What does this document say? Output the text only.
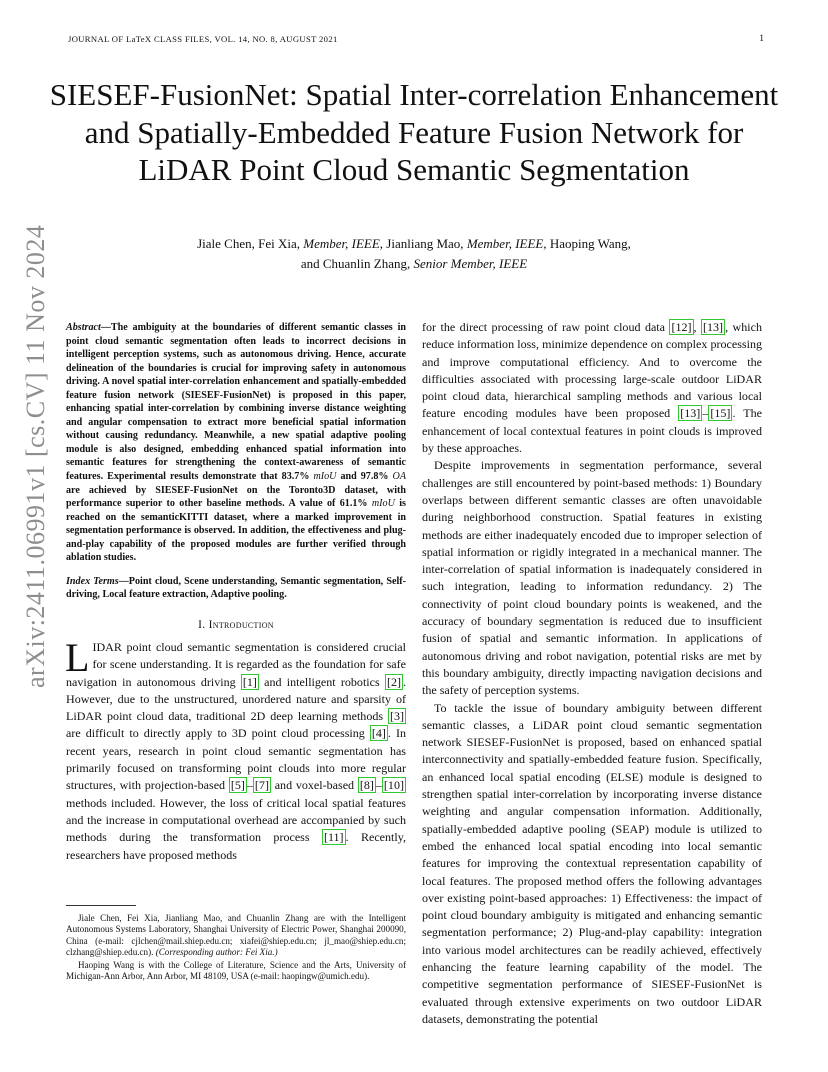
JOURNAL OF LaTeX CLASS FILES, VOL. 14, NO. 8, AUGUST 2021	1
arXiv:2411.06991v1 [cs.CV] 11 Nov 2024
SIESEF-FusionNet: Spatial Inter-correlation Enhancement and Spatially-Embedded Feature Fusion Network for LiDAR Point Cloud Semantic Segmentation
Jiale Chen, Fei Xia, Member, IEEE, Jianliang Mao, Member, IEEE, Haoping Wang,
and Chuanlin Zhang, Senior Member, IEEE
Abstract—The ambiguity at the boundaries of different semantic classes in point cloud semantic segmentation often leads to incorrect decisions in intelligent perception systems, such as autonomous driving. Hence, accurate delineation of the boundaries is crucial for improving safety in autonomous driving. A novel spatial inter-correlation enhancement and spatially-embedded feature fusion network (SIESEF-FusionNet) is proposed in this paper, enhancing spatial inter-correlation by combining inverse distance weighting and angular compensation to extract more beneficial spatial information without causing redundancy. Meanwhile, a new spatial adaptive pooling module is also designed, embedding enhanced spatial information into semantic features for strengthening the context-awareness of semantic features. Experimental results demonstrate that 83.7% mIoU and 97.8% OA are achieved by SIESEF-FusionNet on the Toronto3D dataset, with performance superior to other baseline methods. A value of 61.1% mIoU is reached on the semanticKITTI dataset, where a marked improvement in segmentation performance is observed. In addition, the effectiveness and plug-and-play capability of the proposed modules are further verified through ablation studies.
Index Terms—Point cloud, Scene understanding, Semantic segmentation, Self-driving, Local feature extraction, Adaptive pooling.
I. Introduction

LIDAR point cloud semantic segmentation is considered crucial for scene understanding. It is regarded as the foundation for safe navigation in autonomous driving [1] and intelligent robotics [2] . However, due to the unstructured, unordered nature and sparsity of LiDAR point cloud data, traditional 2D deep learning methods [3] are difficult to directly apply to 3D point cloud processing [4] . In recent years, research in point cloud semantic segmentation has primarily focused on transforming point clouds into more regular structures, with projection-based [5] – [7] and voxel-based [8] – [10] methods included. However, the loss of critical local spatial features and the increase in computational overhead are accompanied by such methods during the transformation process [11] . Recently, researchers have proposed methods

Jiale Chen, Fei Xia, Jianliang Mao, and Chuanlin Zhang are with the Intelligent Autonomous Systems Laboratory, Shanghai University of Electric Power, Shanghai 200090, China (e-mail: cjlchen@mail.shiep.edu.cn; xiafei@shiep.edu.cn; jl_mao@shiep.edu.cn; clzhang@shiep.edu.cn). (Corresponding author: Fei Xia.)

Haoping Wang is with the College of Literature, Science and the Arts, University of Michigan-Ann Arbor, Ann Arbor, MI 48109, USA (e-mail: haopingw@umich.edu).

for the direct processing of raw point cloud data [12] , [13] , which reduce information loss, minimize dependence on complex processing and improve computational efficiency. And to overcome the difficulties associated with processing large-scale outdoor LiDAR point cloud data, hierarchical sampling methods and various local feature encoding modules have been proposed [13] – [15] . The enhancement of local contextual features in point clouds is improved by these approaches.

Despite improvements in segmentation performance, several challenges are still encountered by point-based methods: 1) Boundary overlaps between different semantic classes are often unavoidable during neighborhood construction. Spatial features in existing methods are either inadequately encoded due to improper selection of spatial information or rigidly integrated in a mechanical manner. The inter-correlation of spatial information is inadequately considered in such integration, leading to information redundancy. 2) The connectivity of point cloud boundary points is weakened, and the accuracy of boundary segmentation is reduced due to insufficient fusion of spatial and semantic information. In applications of autonomous driving and robot navigation, potential risks are met by this boundary ambiguity, directly impacting navigation decisions and the safety of perception systems.

To tackle the issue of boundary ambiguity between different semantic classes, a LiDAR point cloud semantic segmentation network SIESEF-FusionNet is proposed, based on enhanced spatial interconnectivity and spatially-embedded feature fusion. Specifically, an enhanced local spatial encoding (ELSE) module is designed to strengthen spatial inter-correlation by incorporating inverse distance weighting and angular compensation information. Additionally, spatially-embedded adaptive pooling (SEAP) module is utilized to embed the enhanced local spatial encoding into local semantic features for improving the contextual representation capability of local features. The proposed method offers the following advantages over existing point-based approaches: 1) Effectiveness: the impact of point cloud boundary ambiguity is mitigated and enhancing semantic segmentation performance; 2) Plug-and-play capability: integration into various model architectures can be readily achieved, effectively enhancing the feature learning capability of the model. The competitive segmentation performance of SIESEF-FusionNet is evaluated through extensive experiments on two outdoor LiDAR datasets, demonstrating the potential
